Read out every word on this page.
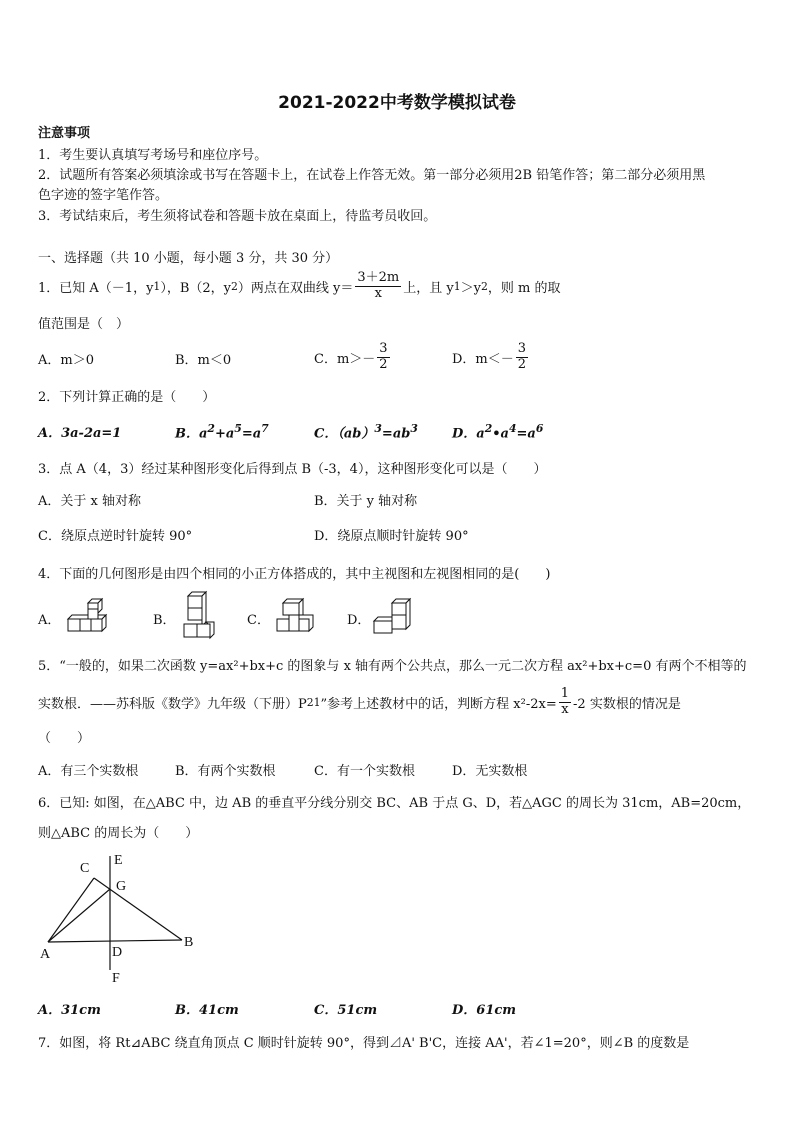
2021-2022中考数学模拟试卷
注意事项
1．考生要认真填写考场号和座位序号。
2．试题所有答案必须填涂或书写在答题卡上，在试卷上作答无效。第一部分必须用2B 铅笔作答；第二部分必须用黑
色字迹的签字笔作答。
3．考试结束后，考生须将试卷和答题卡放在桌面上，待监考员收回。
一、选择题（共 10 小题，每小题 3 分，共 30 分）
1．已知 A（－1，y 1 ），B（2，y 2 ）两点在双曲线 $y= \frac{3+2m}{x}$ 上，且 y 1 ＞y 2 ，则 m 的取
值范围是（　）
A．m＞0	B．m＜0	C．$m>- \frac{3}{2}$	D．$m<- \frac{3}{2}$
2．下列计算正确的是（　　）
A．3a-2a=1	B．$a^2+a^5=a^7$	C．$(ab)^3=ab^3$	D．$a^2•a^4=a^6$
3．点 A（4，3）经过某种图形变化后得到点 B（-3，4），这种图形变化可以是（　　）
A．关于 x 轴对称	B．关于 y 轴对称
C．绕原点逆时针旋转 90°	D．绕原点顺时针旋转 90°
4．下面的几何图形是由四个相同的小正方体搭成的，其中主视图和左视图相同的是(　　)
A．	B．	C．	D．
5．“一般的，如果二次函数 y=ax²+bx+c 的图象与 x 轴有两个公共点，那么一元二次方程 ax²+bx+c=0 有两个不相等的
实数根．——苏科版《数学》九年级（下册）P 21 ”参考上述教材中的话，判断方程 $x^2-2x= \frac{1}{x} -2$ 实数根的情况是
（　　）
A．有三个实数根	B．有两个实数根	C．有一个实数根	D．无实数根
6．已知: 如图，在△ABC 中，边 AB 的垂直平分线分别交 BC、AB 于点 G、D，若△AGC 的周长为 31cm，AB=20cm，
则△ABC 的周长为（　　）
C
E
G
A	D
B
F
A．31cm	B．41cm	C．51cm	D．61cm
7．如图，将 Rt⊿ABC 绕直角顶点 C 顺时针旋转 90°，得到⊿A' B'C，连接 AA'，若∠1=20°，则∠B 的度数是
